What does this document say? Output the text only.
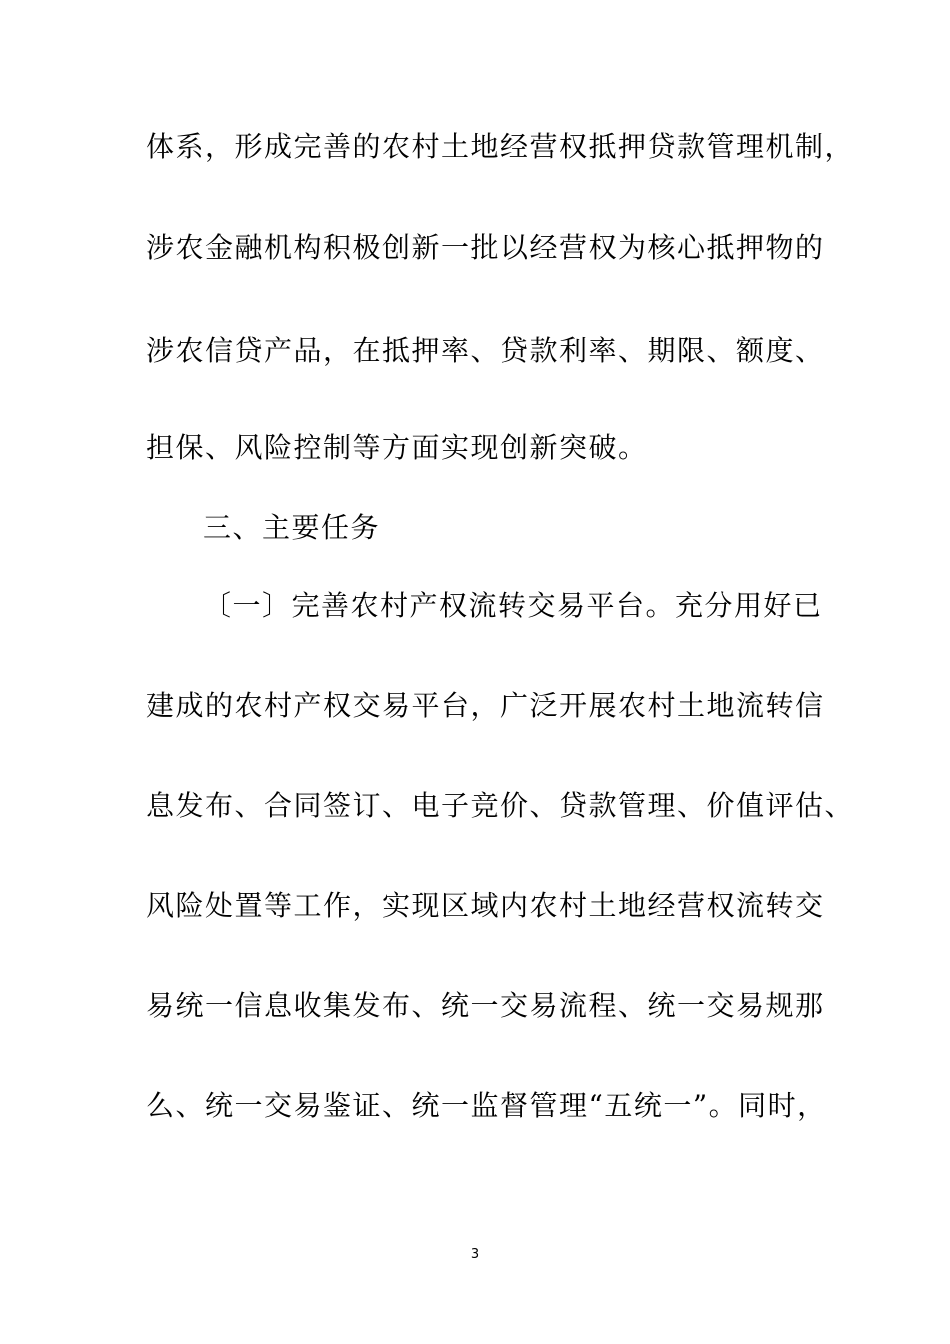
体系，形成完善的农村土地经营权抵押贷款管理机制，
涉农金融机构积极创新一批以经营权为核心抵押物的
涉农信贷产品，在抵押率、贷款利率、期限、额度、
担保、风险控制等方面实现创新突破。
三、主要任务
〔一〕完善农村产权流转交易平台。充分用好已
建成的农村产权交易平台，广泛开展农村土地流转信
息发布、合同签订、电子竞价、贷款管理、价值评估、
风险处置等工作，实现区域内农村土地经营权流转交
易统一信息收集发布、统一交易流程、统一交易规那
么、统一交易鉴证、统一监督管理“五统一”。同时，
3
